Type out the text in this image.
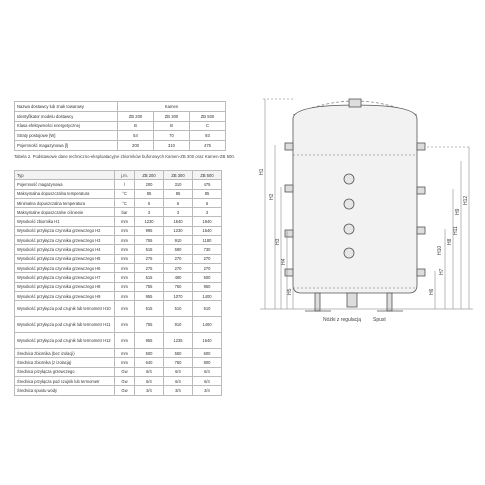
Nazwa dostawcy lub znak towarowy	Kamen		
Identyfikator modelu dostawcy	ZB 200	ZB 300	ZB 500
Klasa efektywności energetycznej	B	B	C
Straty postojowe [W]	54	70	93
Pojemność magazynowa [l]	200	310	475
Tabela 2. Podstawowe dane techniczno-eksploatacyjne zbiorników buforowych Kamen-ZB 300 oraz Kamen-ZB 500.
Typ	j.m.	ZB 200	ZB 300	ZB 500
Pojemność magazynowa	l	200	310	475
Maksymalna dopuszczalna temperatura	°C	85	85	85
Minimalna dopuszczalna temperatura	°C	6	6	6
Maksymalne dopuszczalne ciśnienie	bar	3	3	3
Wysokość zbiornika H1	mm	1230	1540	1940
Wysokość przyłącza czynnika grzewczego H2	mm	995	1230	1640
Wysokość przyłącza czynnika grzewczego H3	mm	755	910	1180
Wysokość przyłącza czynnika grzewczego H4	mm	515	590	730
Wysokość przyłącza czynnika grzewczego H5	mm	275	270	270
Wysokość przyłącza czynnika grzewczego H6	mm	275	270	270
Wysokość przyłącza czynnika grzewczego H7	mm	515	490	500
Wysokość przyłącza czynnika grzewczego H8	mm	755	750	950
Wysokość przyłącza czynnika grzewczego H9	mm	955	1070	1400
Wysokość przyłącza pod czujnik lub termometr H10	mm	515	510	510
Wysokość przyłącza pod czujnik lub termometr H11	mm	755	910	1400
Wysokość przyłącza pod czujnik lub termometr H12	mm	955	1235	1640
Średnica zbiornika (bez izolacji)	mm	500	550	600
Średnica zbiornika (z izolacją)	mm	640	750	800
Średnica przyłącza grzewczego	Gw	6/4	6/4	6/4
Średnica przyłącza pod czujnik lub termometr	Gw	6/4	6/4	6/4
Średnica spustu wody	Gw	3/4	3/4	3/4
H1
H2
H3
H4
H5	H6
H7
H8
H9
H10
H11
H12
Nóżki z regulacją Spust
